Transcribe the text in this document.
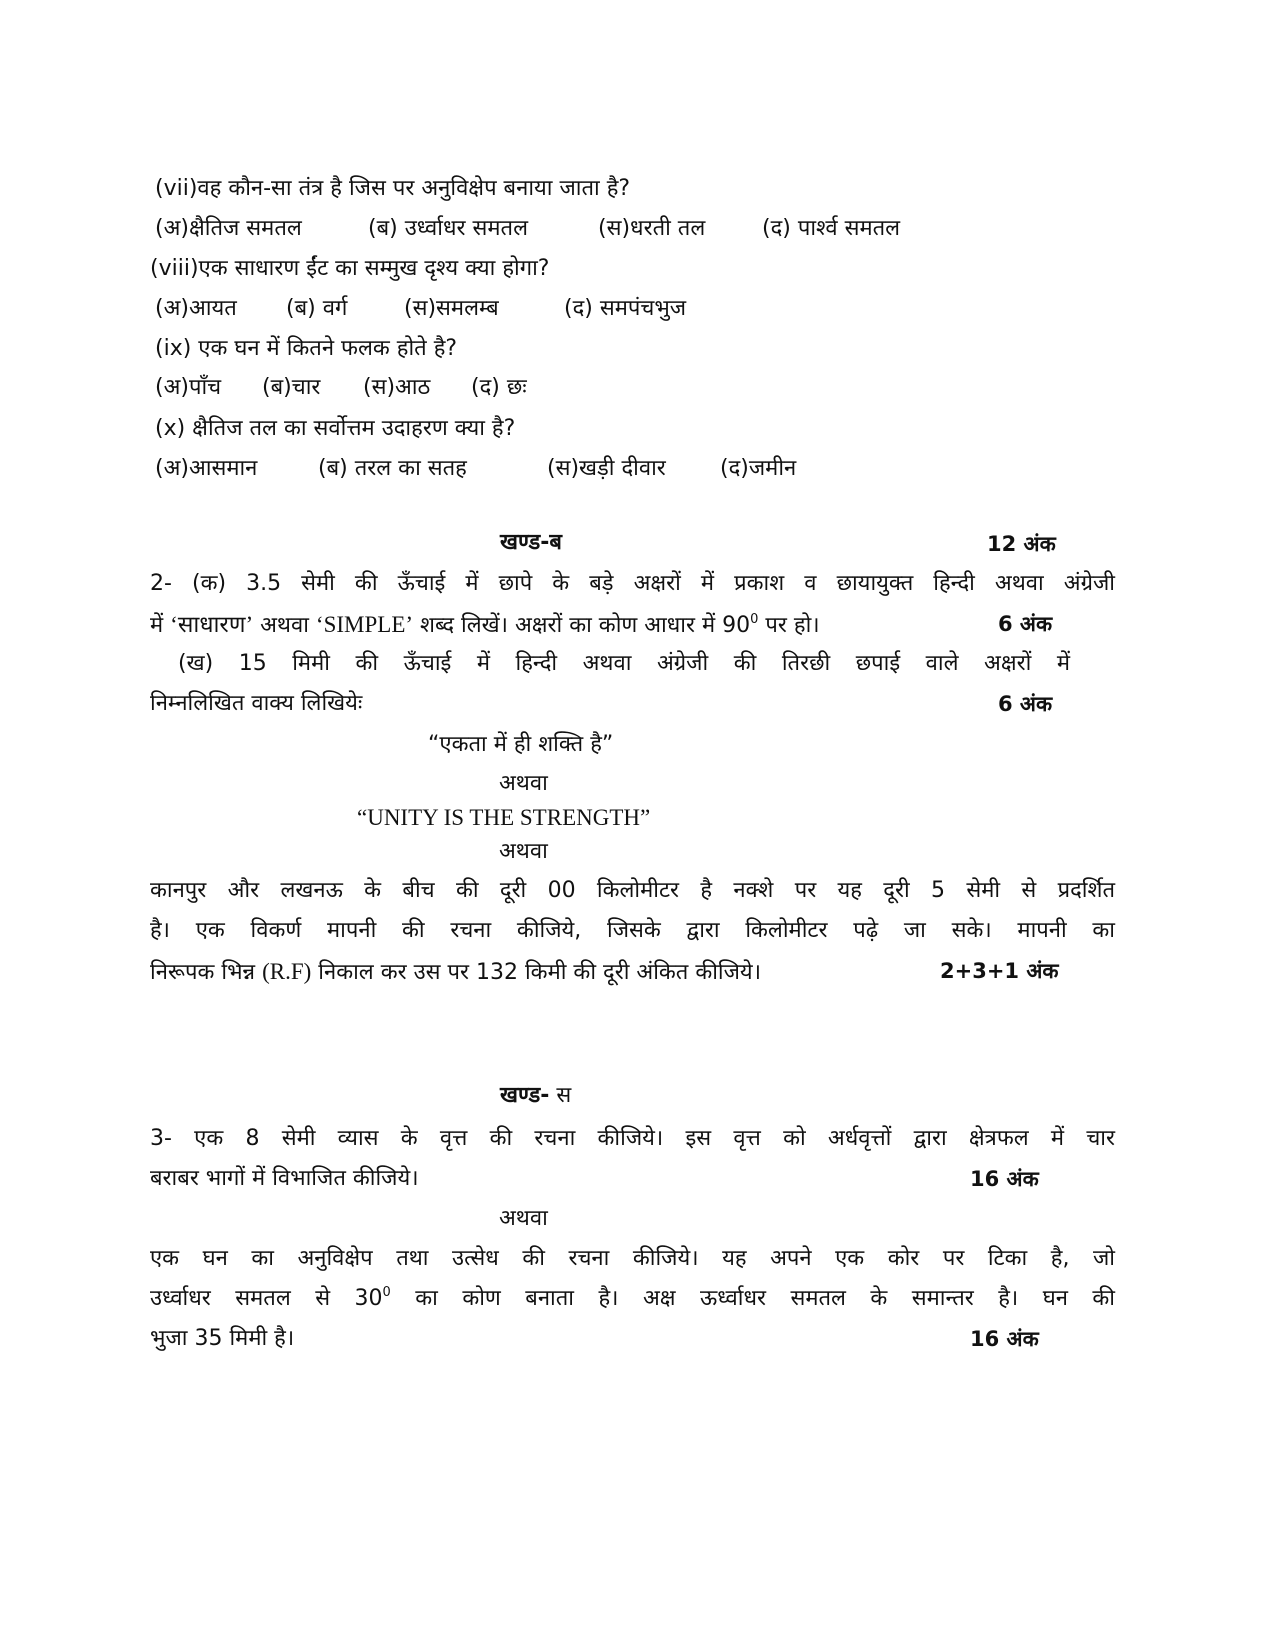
(vii)वह कौन-सा तंत्र है जिस पर अनुविक्षेप बनाया जाता है?
(अ)क्षैतिज समतल	(ब) उर्ध्वाधर समतल	(स)धरती तल	(द) पार्श्व समतल
(viii)एक साधारण ईंट का सम्मुख दृश्य क्या होगा?
(अ)आयत (ब) वर्ग	(स)समलम्ब	(द) समपंचभुज
(ix) एक घन में कितने फलक होते है?
(अ)पाँच (ब)चार (स)आठ (द) छः
(x) क्षैतिज तल का सर्वोत्तम उदाहरण क्या है?
(अ)आसमान	(ब) तरल का सतह	(स)खड़ी दीवार (द)जमीन
खण्ड-ब	12 अंक
2- (क) 3.5 सेमी की ऊँचाई में छापे के बड़े अक्षरों में प्रकाश व छायायुक्त हिन्दी अथवा अंग्रेजी
में ‘साधारण’ अथवा ‘SIMPLE’ शब्द लिखें। अक्षरों का कोण आधार में $90^0$ पर हो।	6 अंक
(ख) 15 मिमी की ऊँचाई में हिन्दी अथवा अंग्रेजी की तिरछी छपाई वाले अक्षरों में
निम्नलिखित वाक्य लिखियेः	6 अंक
“एकता में ही शक्ति है”
अथवा
“UNITY IS THE STRENGTH”
अथवा
कानपुर और लखनऊ के बीच की दूरी 00 किलोमीटर है नक्शे पर यह दूरी 5 सेमी से प्रदर्शित
है। एक विकर्ण मापनी की रचना कीजिये, जिसके द्वारा किलोमीटर पढ़े जा सके। मापनी का
निरूपक भिन्न (R.F) निकाल कर उस पर 132 किमी की दूरी अंकित कीजिये।	2+3+1 अंक
खण्ड- स
3- एक 8 सेमी व्यास के वृत्त की रचना कीजिये। इस वृत्त को अर्धवृत्तों द्वारा क्षेत्रफल में चार
बराबर भागों में विभाजित कीजिये।	16 अंक
अथवा
एक घन का अनुविक्षेप तथा उत्सेध की रचना कीजिये। यह अपने एक कोर पर टिका है, जो
उर्ध्वाधर समतल से $30^0$ का कोण बनाता है। अक्ष ऊर्ध्वाधर समतल के समान्तर है। घन की
भुजा 35 मिमी है।	16 अंक
